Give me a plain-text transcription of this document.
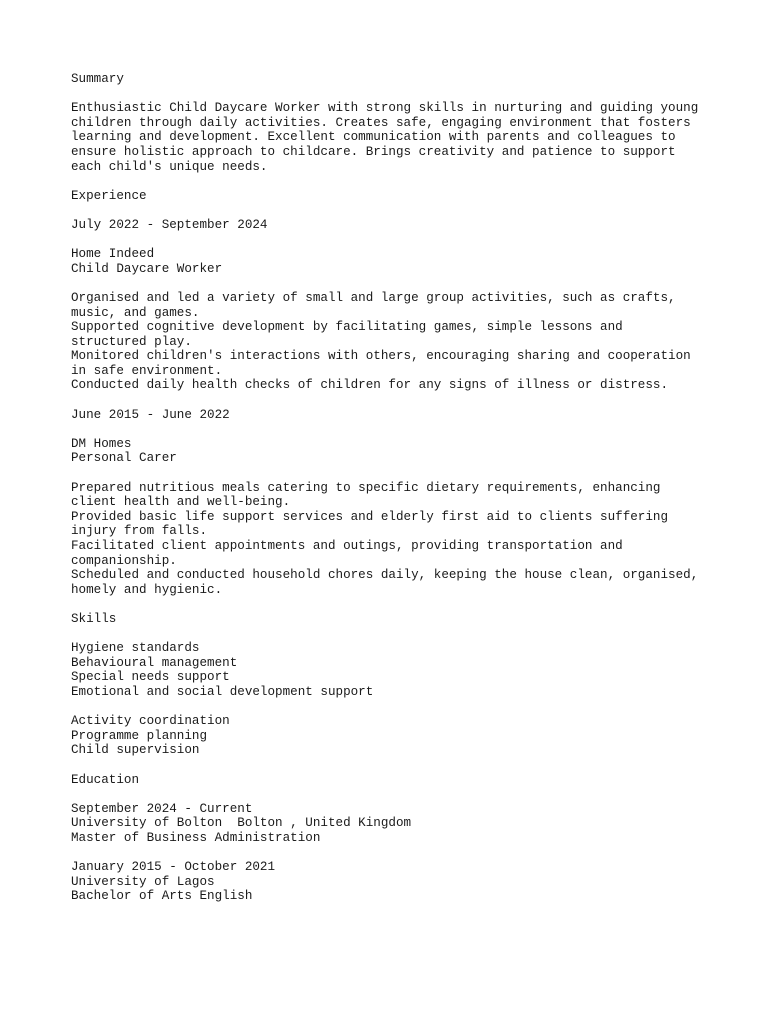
Summary
Enthusiastic Child Daycare Worker with strong skills in nurturing and guiding young
children through daily activities. Creates safe, engaging environment that fosters
learning and development. Excellent communication with parents and colleagues to
ensure holistic approach to childcare. Brings creativity and patience to support
each child's unique needs.
Experience
July 2022 - September 2024
Home Indeed
Child Daycare Worker
Organised and led a variety of small and large group activities, such as crafts,
music, and games.
Supported cognitive development by facilitating games, simple lessons and
structured play.
Monitored children's interactions with others, encouraging sharing and cooperation
in safe environment.
Conducted daily health checks of children for any signs of illness or distress.
June 2015 - June 2022
DM Homes
Personal Carer
Prepared nutritious meals catering to specific dietary requirements, enhancing
client health and well-being.
Provided basic life support services and elderly first aid to clients suffering
injury from falls.
Facilitated client appointments and outings, providing transportation and
companionship.
Scheduled and conducted household chores daily, keeping the house clean, organised,
homely and hygienic.
Skills
Hygiene standards
Behavioural management
Special needs support
Emotional and social development support
Activity coordination
Programme planning
Child supervision
Education
September 2024 - Current
University of Bolton  Bolton , United Kingdom
Master of Business Administration
January 2015 - October 2021
University of Lagos
Bachelor of Arts English
